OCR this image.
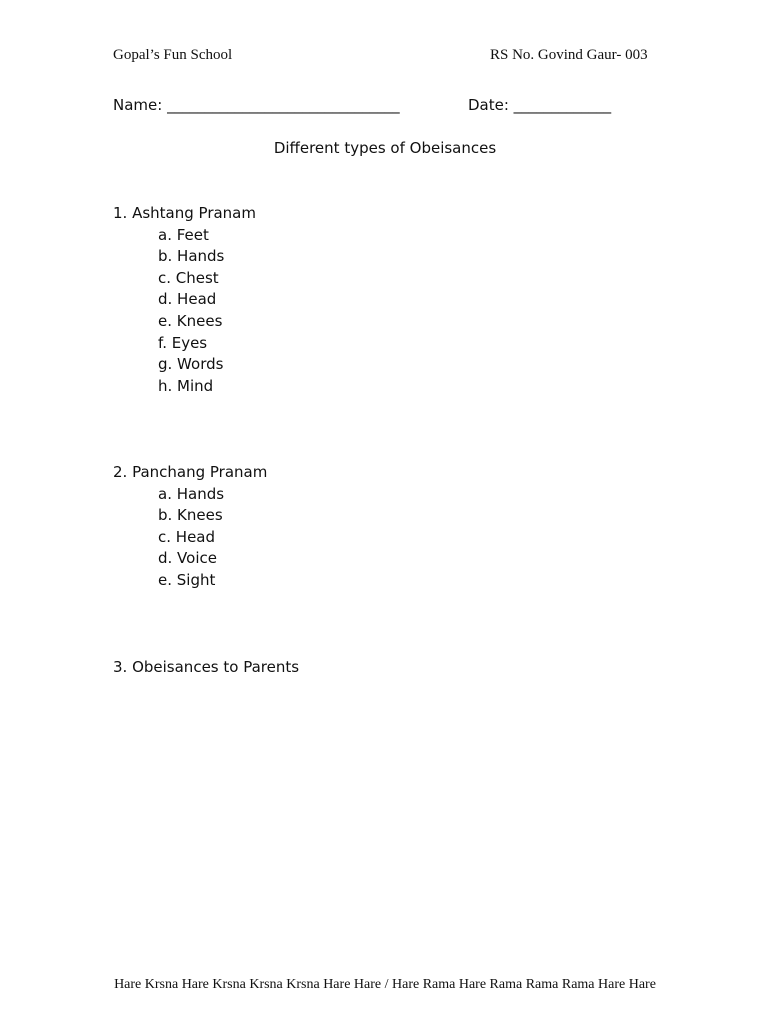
Gopal’s Fun School	RS No. Govind Gaur- 003
Name: _______________________________	Date: _____________
Different types of Obeisances
1. Ashtang Pranam
a. Feet
b. Hands
c. Chest
d. Head
e. Knees
f. Eyes
g. Words
h. Mind
2. Panchang Pranam
a. Hands
b. Knees
c. Head
d. Voice
e. Sight
3. Obeisances to Parents
Hare Krsna Hare Krsna Krsna Krsna Hare Hare / Hare Rama Hare Rama Rama Rama Hare Hare
